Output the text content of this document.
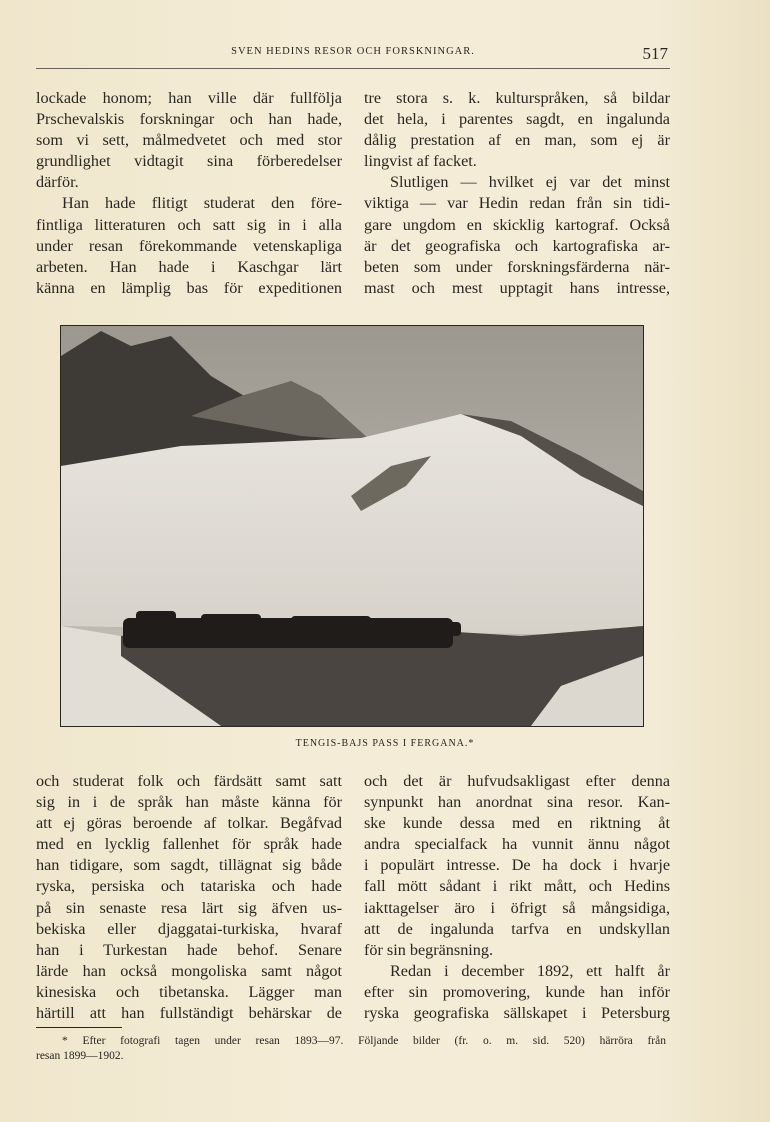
SVEN HEDINS RESOR OCH FORSKNINGAR.	517
lockade honom; han ville där fullfölja
Prschevalskis forskningar och han hade,
som vi sett, målmedvetet och med stor
grundlighet vidtagit sina förberedelser
därför.
Han hade flitigt studerat den före-
fintliga litteraturen och satt sig in i alla
under resan förekommande vetenskapliga
arbeten. Han hade i Kaschgar lärt
känna en lämplig bas för expeditionen
tre stora s. k. kulturspråken, så bildar
det hela, i parentes sagdt, en ingalunda
dålig prestation af en man, som ej är
lingvist af facket.
Slutligen — hvilket ej var det minst
viktiga — var Hedin redan från sin tidi-
gare ungdom en skicklig kartograf. Också
är det geografiska och kartografiska ar-
beten som under forskningsfärderna när-
mast och mest upptagit hans intresse,
TENGIS-BAJS PASS I FERGANA.*
och studerat folk och färdsätt samt satt
sig in i de språk han måste känna för
att ej göras beroende af tolkar. Begåfvad
med en lycklig fallenhet för språk hade
han tidigare, som sagdt, tillägnat sig både
ryska, persiska och tatariska och hade
på sin senaste resa lärt sig äfven us-
bekiska eller djaggatai-turkiska, hvaraf
han i Turkestan hade behof. Senare
lärde han också mongoliska samt något
kinesiska och tibetanska. Lägger man
härtill att han fullständigt behärskar de
och det är hufvudsakligast efter denna
synpunkt han anordnat sina resor. Kan-
ske kunde dessa med en riktning åt
andra specialfack ha vunnit ännu något
i populärt intresse. De ha dock i hvarje
fall mött sådant i rikt mått, och Hedins
iakttagelser äro i öfrigt så mångsidiga,
att de ingalunda tarfva en undskyllan
för sin begränsning.
Redan i december 1892, ett halft år
efter sin promovering, kunde han inför
ryska geografiska sällskapet i Petersburg
* Efter fotografi tagen under resan 1893—97. Följande bilder (fr. o. m. sid. 520) härröra från
resan 1899—1902.
